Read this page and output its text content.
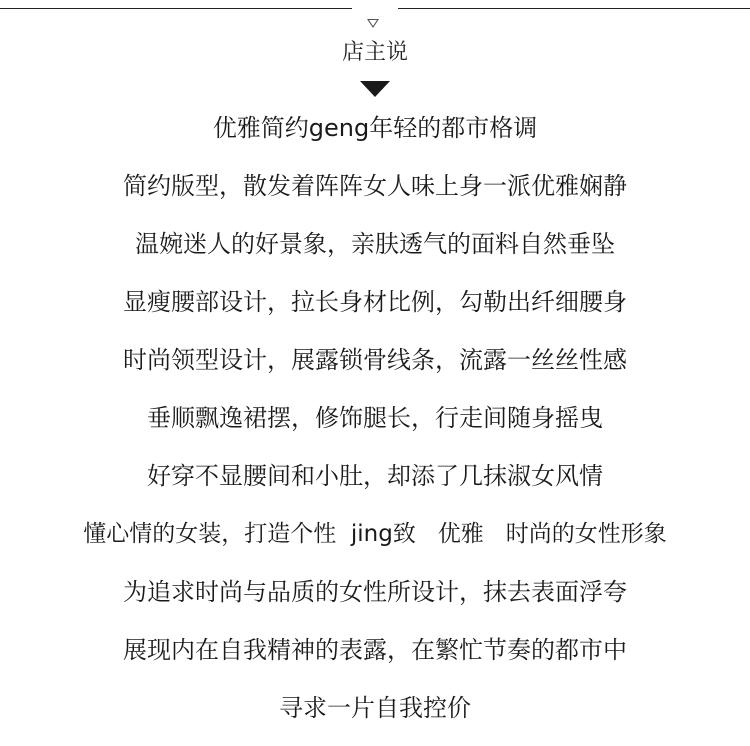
店主说
优雅简约geng年轻的都市格调
简约版型，散发着阵阵女人味上身一派优雅娴静
温婉迷人的好景象，亲肤透气的面料自然垂坠
显瘦腰部设计，拉长身材比例，勾勒出纤细腰身
时尚领型设计，展露锁骨线条，流露一丝丝性感
垂顺飘逸裙摆，修饰腿长，行走间随身摇曳
好穿不显腰间和小肚，却添了几抹淑女风情
懂心情的女装，打造个性  jing致   优雅   时尚的女性形象
为追求时尚与品质的女性所设计，抹去表面浮夸
展现内在自我精神的表露，在繁忙节奏的都市中
寻求一片自我控价
